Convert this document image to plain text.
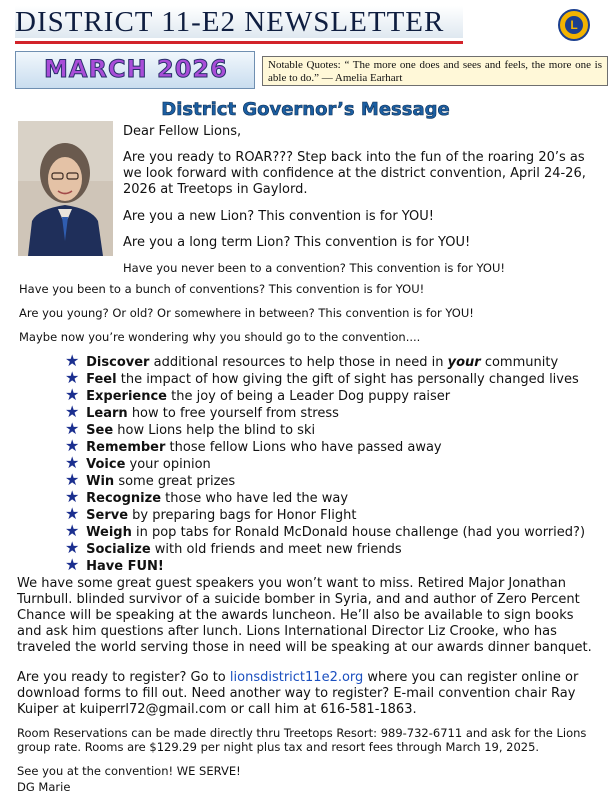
DISTRICT 11-E2 NEWSLETTER	L
MARCH 2026	Notable Quotes: “ The more one does and sees and feels, the more one is able to do.” — Amelia Earhart
District Governor’s Message

Dear Fellow Lions,

Are you ready to ROAR??? Step back into the fun of the roaring 20’s as we look forward with confidence at the district convention, April 24-26, 2026 at Treetops in Gaylord.

Are you a new Lion? This convention is for YOU!

Are you a long term Lion? This convention is for YOU!

Have you never been to a convention? This convention is for YOU!

Have you been to a bunch of conventions? This convention is for YOU!

Are you young? Or old? Or somewhere in between? This convention is for YOU!

Maybe now you’re wondering why you should go to the convention....

★ Discover additional resources to help those in need in your community
★ Feel the impact of how giving the gift of sight has personally changed lives
★ Experience the joy of being a Leader Dog puppy raiser
★ Learn how to free yourself from stress
★ See how Lions help the blind to ski
★ Remember those fellow Lions who have passed away
★ Voice your opinion
★ Win some great prizes
★ Recognize those who have led the way
★ Serve by preparing bags for Honor Flight
★ Weigh in pop tabs for Ronald McDonald house challenge (had you worried?)
★ Socialize with old friends and meet new friends
★ Have FUN!

We have some great guest speakers you won’t want to miss. Retired Major Jonathan Turnbull. blinded survivor of a suicide bomber in Syria, and and author of Zero Percent Chance will be speaking at the awards luncheon. He’ll also be available to sign books and ask him questions after lunch. Lions International Director Liz Crooke, who has traveled the world serving those in need will be speaking at our awards dinner banquet.

Are you ready to register? Go to lionsdistrict11e2.org where you can register online or download forms to fill out. Need another way to register? E-mail convention chair Ray Kuiper at kuiperrl72@gmail.com or call him at 616-581-1863.

Room Reservations can be made directly thru Treetops Resort: 989-732-6711 and ask for the Lions group rate. Rooms are $129.29 per night plus tax and resort fees through March 19, 2025.

See you at the convention! WE SERVE!

DG Marie
